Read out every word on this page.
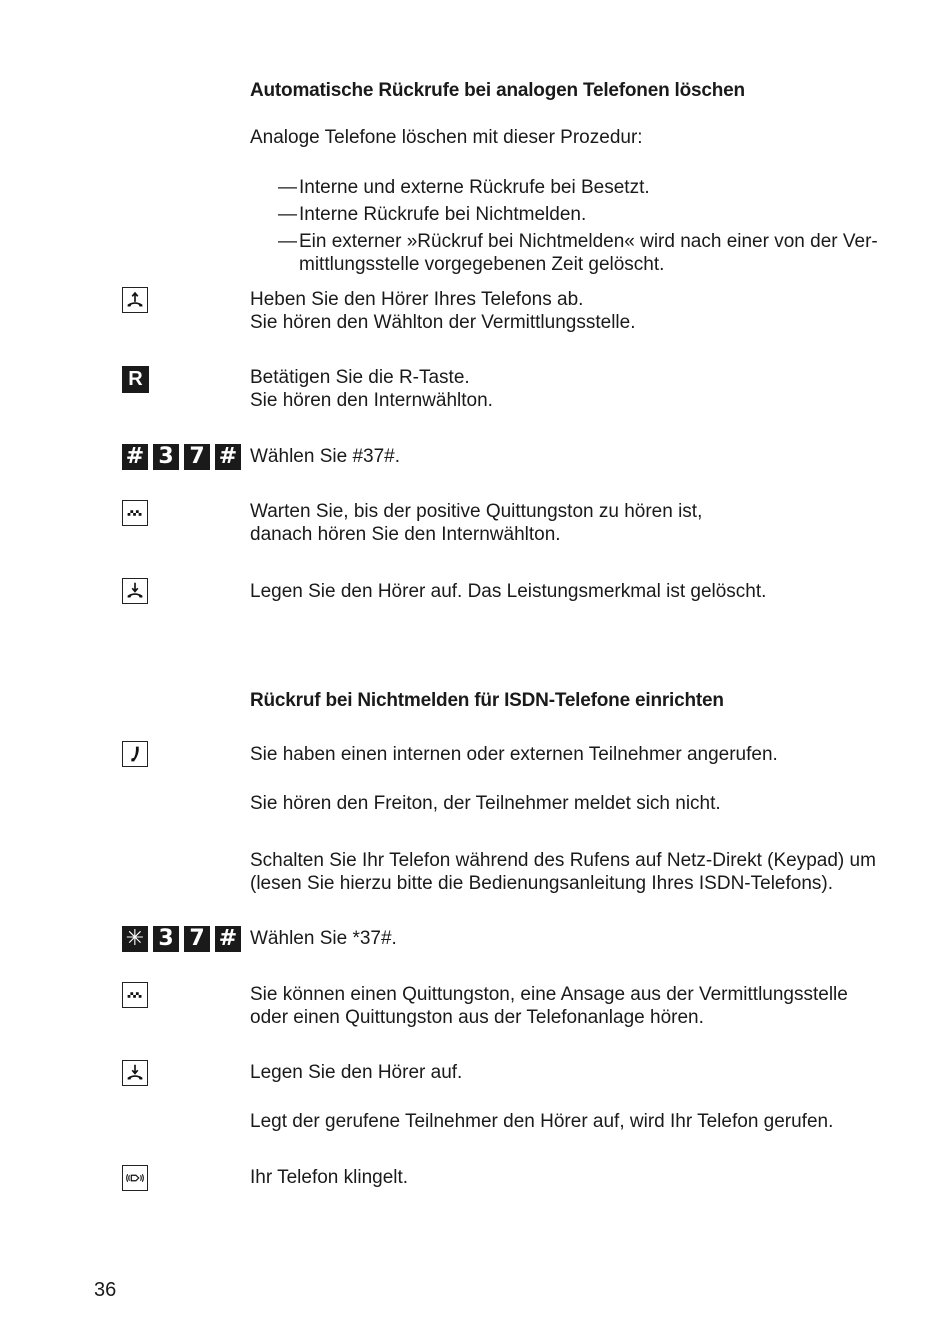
Automatische Rückrufe bei analogen Telefonen löschen
Analoge Telefone löschen mit dieser Prozedur:
— Interne und externe Rückrufe bei Besetzt.
— Interne Rückrufe bei Nichtmelden.
— Ein externer »Rückruf bei Nichtmelden« wird nach einer von der Ver-
mittlungsstelle vorgegebenen Zeit gelöscht.
Heben Sie den Hörer Ihres Telefons ab.
Sie hören den Wählton der Vermittlungsstelle.
R	Betätigen Sie die R-Taste.
Sie hören den Internwählton.
# 3 7 # Wählen Sie #37#.
Warten Sie, bis der positive Quittungston zu hören ist,
danach hören Sie den Internwählton.
Legen Sie den Hörer auf. Das Leistungsmerkmal ist gelöscht.
Rückruf bei Nichtmelden für ISDN-Telefone einrichten
Sie haben einen internen oder externen Teilnehmer angerufen.
Sie hören den Freiton, der Teilnehmer meldet sich nicht.
Schalten Sie Ihr Telefon während des Rufens auf Netz-Direkt (Keypad) um
(lesen Sie hierzu bitte die Bedienungsanleitung Ihres ISDN-Telefons).
✳ 3 7 # Wählen Sie *37#.
Sie können einen Quittungston, eine Ansage aus der Vermittlungsstelle
oder einen Quittungston aus der Telefonanlage hören.
Legen Sie den Hörer auf.
Legt der gerufene Teilnehmer den Hörer auf, wird Ihr Telefon gerufen.
Ihr Telefon klingelt.
36
